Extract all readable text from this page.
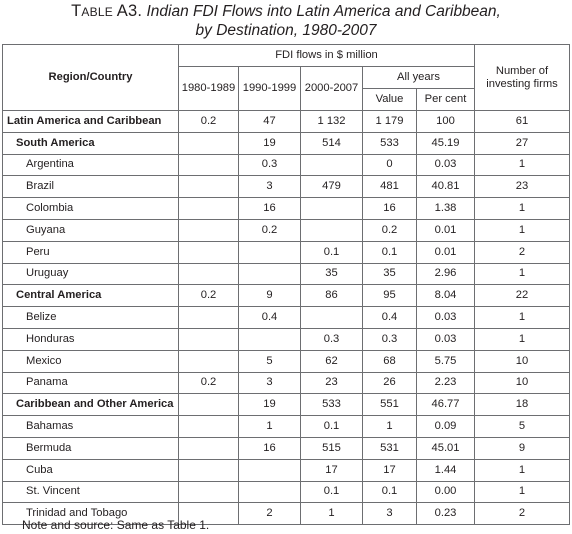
Table A3. Indian FDI Flows into Latin America and Caribbean,
by Destination, 1980-2007
Region/Country	FDI flows in $ million					Number of investing firms
	1980-1989	1990-1999	2000-2007	All years		
				Value	Per cent	
Latin America and Caribbean	0.2	47	1 132	1 179	100	61
South America		19	514	533	45.19	27
Argentina		0.3		0	0.03	1
Brazil		3	479	481	40.81	23
Colombia		16		16	1.38	1
Guyana		0.2		0.2	0.01	1
Peru			0.1	0.1	0.01	2
Uruguay			35	35	2.96	1
Central America	0.2	9	86	95	8.04	22
Belize		0.4		0.4	0.03	1
Honduras			0.3	0.3	0.03	1
Mexico		5	62	68	5.75	10
Panama	0.2	3	23	26	2.23	10
Caribbean and Other America		19	533	551	46.77	18
Bahamas		1	0.1	1	0.09	5
Bermuda		16	515	531	45.01	9
Cuba			17	17	1.44	1
St. Vincent			0.1	0.1	0.00	1
Trinidad and Tobago		2	1	3	0.23	2
Note and source: Same as Table 1.
